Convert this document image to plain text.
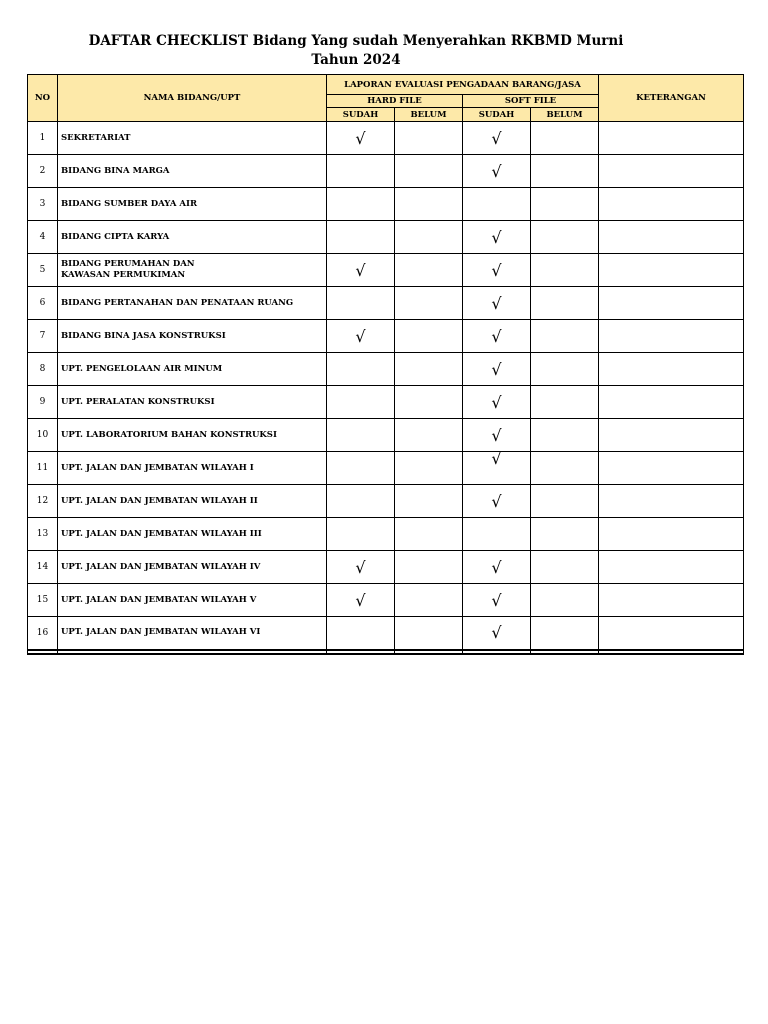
DAFTAR CHECKLIST Bidang Yang sudah Menyerahkan RKBMD Murni
Tahun 2024
NO	NAMA BIDANG/UPT	LAPORAN EVALUASI PENGADAAN BARANG/JASA				KETERANGAN
		HARD FILE		SOFT FILE		
		SUDAH	BELUM	SUDAH	BELUM	
1	SEKRETARIAT	√		√		
2	BIDANG BINA MARGA			√		
3	BIDANG SUMBER DAYA AIR					

4	BIDANG CIPTA KARYA			√		
5	BIDANG PERUMAHAN DAN
KAWASAN PERMUKIMAN	√		√		
6	BIDANG PERTANAHAN DAN PENATAAN RUANG			√		
7	BIDANG BINA JASA KONSTRUKSI	√		√		
8	UPT. PENGELOLAAN AIR MINUM			√		
9	UPT. PERALATAN KONSTRUKSI			√		
10	UPT. LABORATORIUM BAHAN KONSTRUKSI			√		
11	UPT. JALAN DAN JEMBATAN WILAYAH I			√		
12	UPT. JALAN DAN JEMBATAN WILAYAH II			√		
13	UPT. JALAN DAN JEMBATAN WILAYAH III					

14	UPT. JALAN DAN JEMBATAN WILAYAH IV	√		√		
15	UPT. JALAN DAN JEMBATAN WILAYAH V	√		√		
16	UPT. JALAN DAN JEMBATAN WILAYAH VI			√		
